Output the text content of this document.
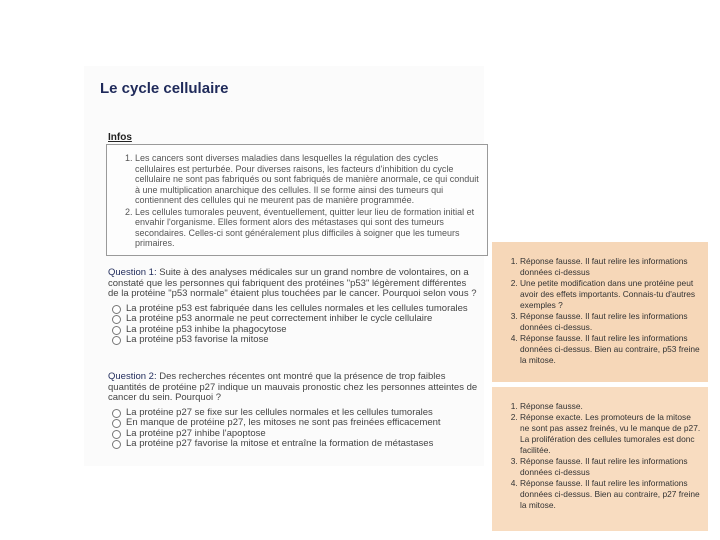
Le cycle cellulaire
Infos
1. Les cancers sont diverses maladies dans lesquelles la régulation des cycles cellulaires est perturbée. Pour diverses raisons, les facteurs d'inhibition du cycle cellulaire ne sont pas fabriqués ou sont fabriqués de manière anormale, ce qui conduit à une multiplication anarchique des cellules. Il se forme ainsi des tumeurs qui contiennent des cellules qui ne meurent pas de manière programmée.
2. Les cellules tumorales peuvent, éventuellement, quitter leur lieu de formation initial et envahir l'organisme. Elles forment alors des métastases qui sont des tumeurs secondaires. Celles-ci sont généralement plus difficiles à soigner que les tumeurs primaires.

Question 1: Suite à des analyses médicales sur un grand nombre de volontaires, on a constaté que les personnes qui fabriquent des protéines "p53" légèrement différentes de la protéine "p53 normale" étaient plus touchées par le cancer. Pourquoi selon vous ?

La protéine p53 est fabriquée dans les cellules normales et les cellules tumorales
La protéine p53 anormale ne peut correctement inhiber le cycle cellulaire
La protéine p53 inhibe la phagocytose
La protéine p53 favorise la mitose

Question 2: Des recherches récentes ont montré que la présence de trop faibles quantités de protéine p27 indique un mauvais pronostic chez les personnes atteintes de cancer du sein. Pourquoi ?

La protéine p27 se fixe sur les cellules normales et les cellules tumorales
En manque de protéine p27, les mitoses ne sont pas freinées efficacement
La protéine p27 inhibe l'apoptose
La protéine p27 favorise la mitose et entraîne la formation de métastases
1. Réponse fausse. Il faut relire les informations données ci-dessus
2. Une petite modification dans une protéine peut avoir des effets importants. Connais-tu d'autres exemples ?
3. Réponse fausse. Il faut relire les informations données ci-dessus.
4. Réponse fausse. Il faut relire les informations données ci-dessus. Bien au contraire, p53 freine la mitose.
1. Réponse fausse.
2. Réponse exacte. Les promoteurs de la mitose ne sont pas assez freinés, vu le manque de p27. La prolifération des cellules tumorales est donc facilitée.
3. Réponse fausse. Il faut relire les informations données ci-dessus
4. Réponse fausse. Il faut relire les informations données ci-dessus. Bien au contraire, p27 freine la mitose.
